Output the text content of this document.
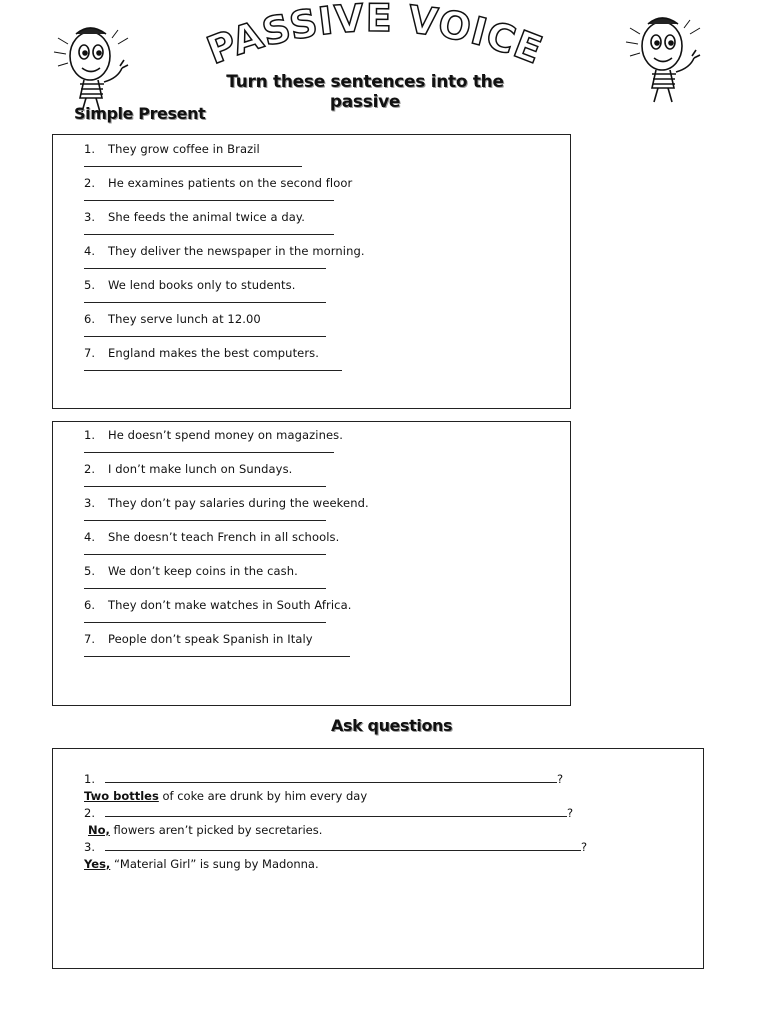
PASSIVE VOICE
Turn these sentences into the passive
Simple Present
1. They grow coffee in Brazil
2. He examines patients on the second floor
3. She feeds the animal twice a day.
4. They deliver the newspaper in the morning.
5. We lend books only to students.
6. They serve lunch at 12.00
7. England makes the best computers.
1. He doesn’t spend money on magazines.
2. I don’t make lunch on Sundays.
3. They don’t pay salaries during the weekend.
4. She doesn’t teach French in all schools.
5. We don’t keep coins in the cash.
6. They don’t make watches in South Africa.
7. People don’t speak Spanish in Italy
Ask questions
1.	?
Two bottles of coke are drunk by him every day
2.	?
No, flowers aren’t picked by secretaries.
3.	?
Yes, “Material Girl” is sung by Madonna.
